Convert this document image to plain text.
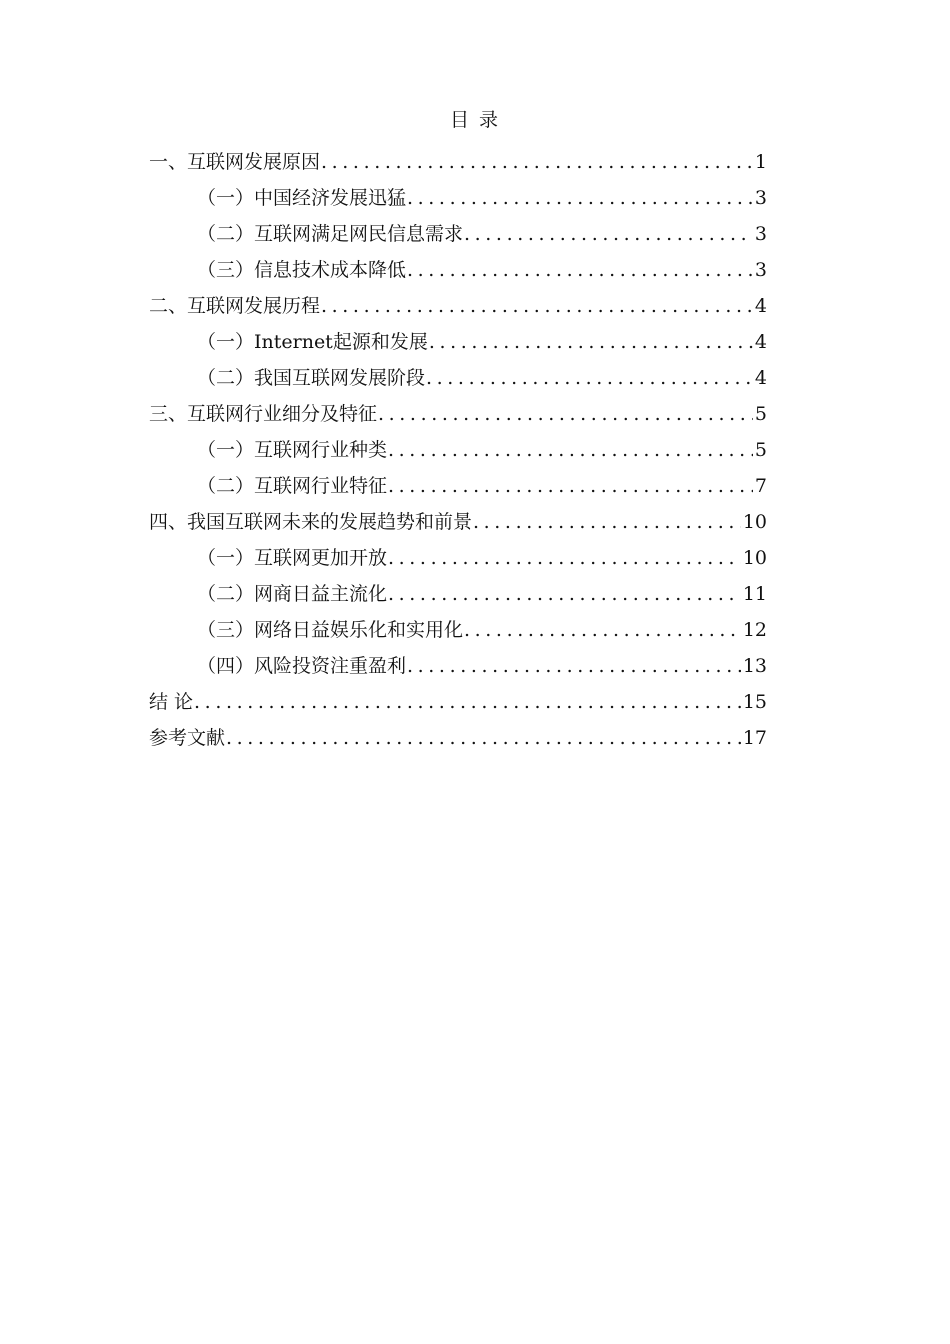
目 录
一、互联网发展原因 .....	1
（一）中国经济发展迅猛 .....	3
（二）互联网满足网民信息需求 .....	3
（三）信息技术成本降低 .....	3
二、互联网发展历程 .....	4
（一）Internet起源和发展 .....	4
（二）我国互联网发展阶段 .....	4
三、互联网行业细分及特征 .....	5
（一）互联网行业种类 .....	5
（二）互联网行业特征 .....	7
四、我国互联网未来的发展趋势和前景 .....	10
（一）互联网更加开放 .....	10
（二）网商日益主流化 .....	11
（三）网络日益娱乐化和实用化 .....	12
（四）风险投资注重盈利 .....	13
结 论 .....	15
参考文献 .....	17
